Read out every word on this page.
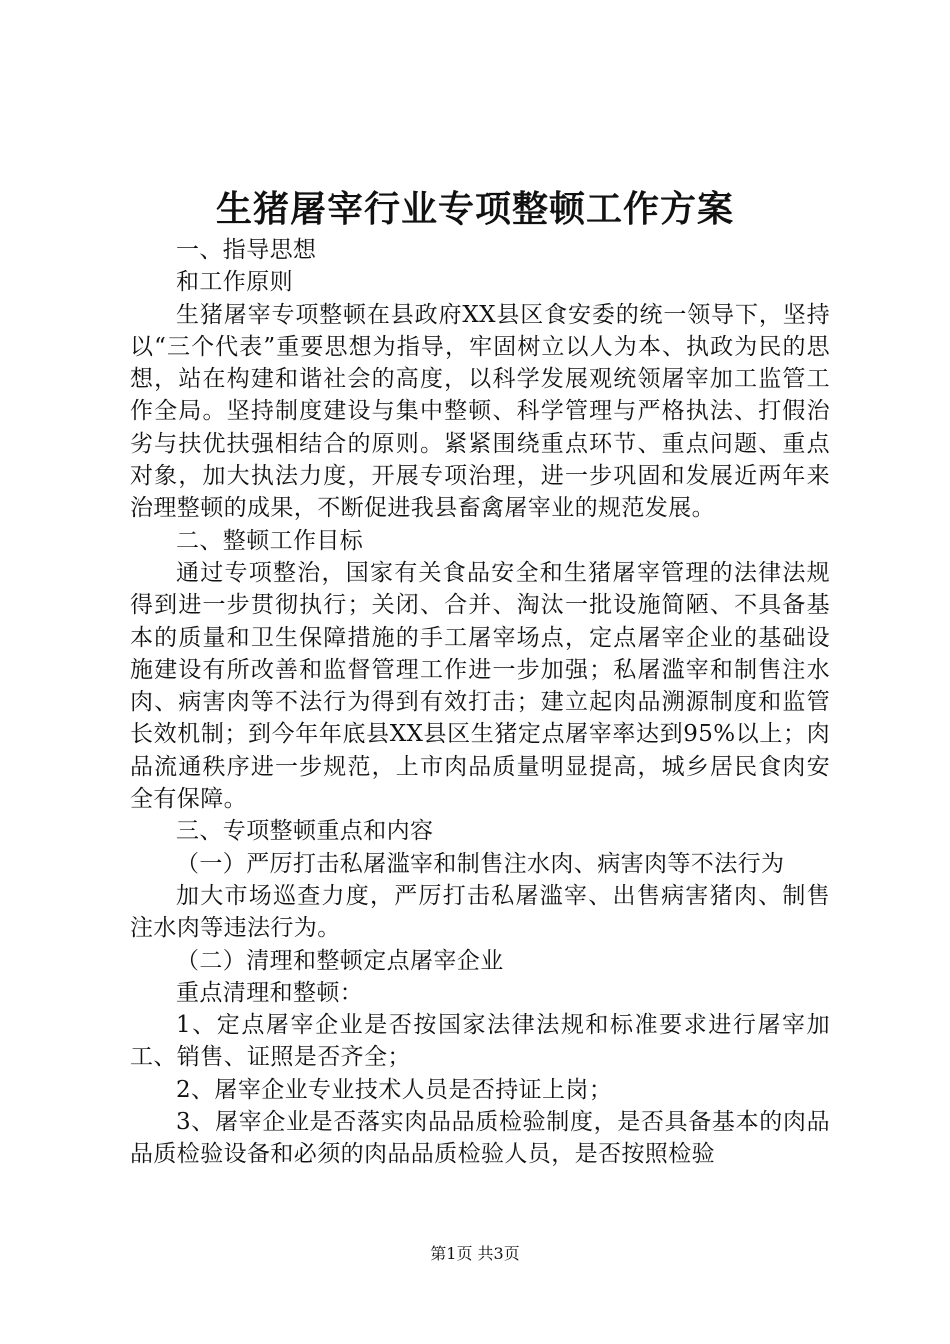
生猪屠宰行业专项整顿工作方案

一、指导思想

和工作原则

生猪屠宰专项整顿在县政府XX县区食安委的统一领导下，坚持以“三个代表”重要思想为指导，牢固树立以人为本、执政为民的思想，站在构建和谐社会的高度，以科学发展观统领屠宰加工监管工作全局。坚持制度建设与集中整顿、科学管理与严格执法、打假治劣与扶优扶强相结合的原则。紧紧围绕重点环节、重点问题、重点对象，加大执法力度，开展专项治理，进一步巩固和发展近两年来治理整顿的成果，不断促进我县畜禽屠宰业的规范发展。

二、整顿工作目标

通过专项整治，国家有关食品安全和生猪屠宰管理的法律法规得到进一步贯彻执行；关闭、合并、淘汰一批设施简陋、不具备基本的质量和卫生保障措施的手工屠宰场点，定点屠宰企业的基础设施建设有所改善和监督管理工作进一步加强；私屠滥宰和制售注水肉、病害肉等不法行为得到有效打击；建立起肉品溯源制度和监管长效机制；到今年年底县XX县区生猪定点屠宰率达到95%以上；肉品流通秩序进一步规范，上市肉品质量明显提高，城乡居民食肉安全有保障。

三、专项整顿重点和内容

（一）严厉打击私屠滥宰和制售注水肉、病害肉等不法行为

加大市场巡查力度，严厉打击私屠滥宰、出售病害猪肉、制售注水肉等违法行为。

（二）清理和整顿定点屠宰企业

重点清理和整顿：

1、定点屠宰企业是否按国家法律法规和标准要求进行屠宰加工、销售、证照是否齐全；

2、屠宰企业专业技术人员是否持证上岗；

3、屠宰企业是否落实肉品品质检验制度，是否具备基本的肉品品质检验设备和必须的肉品品质检验人员，是否按照检验

第1页 共3页
